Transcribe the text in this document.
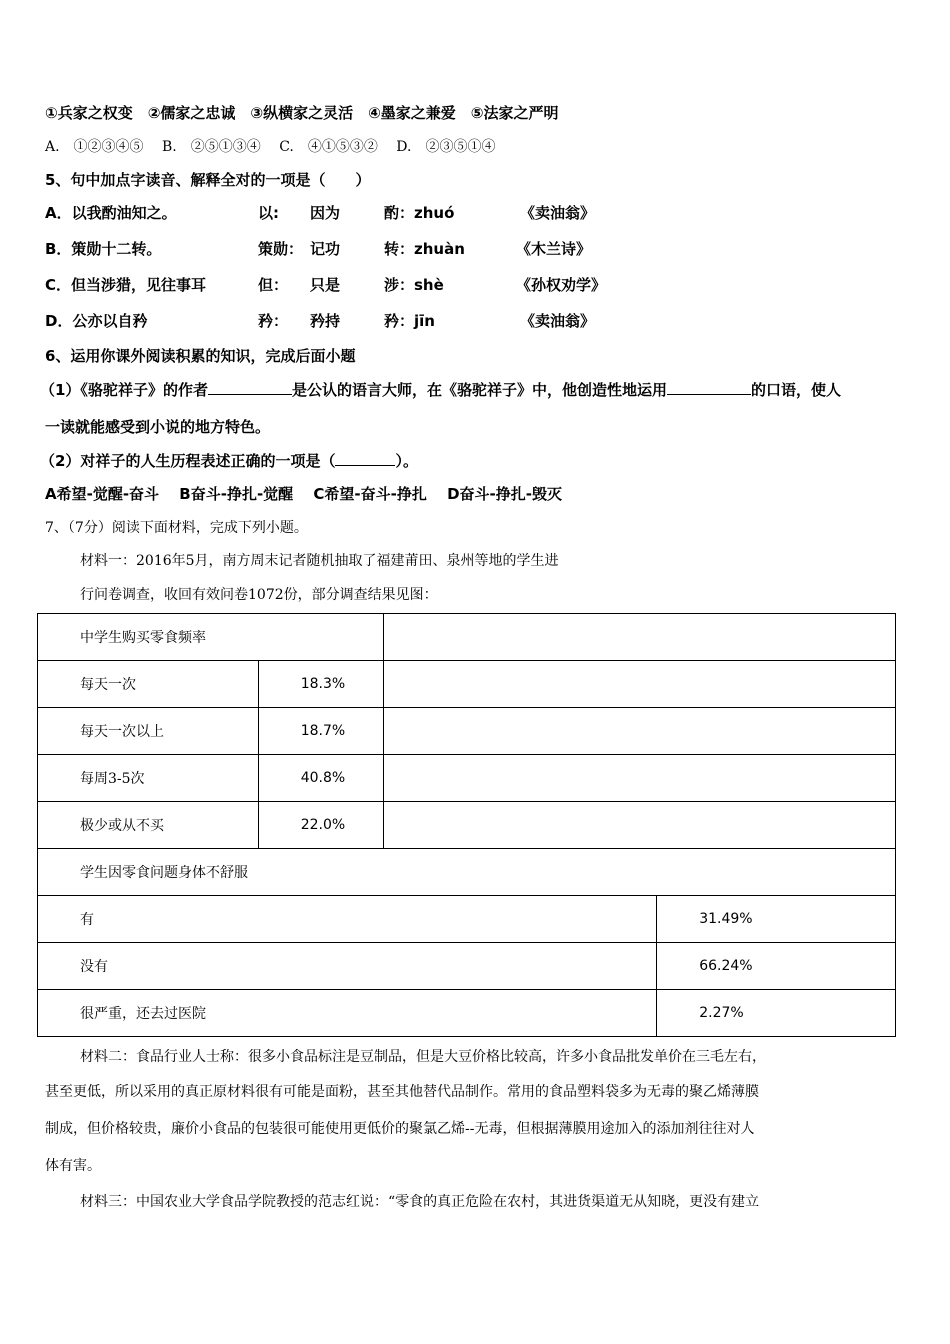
①兵家之权变　②儒家之忠诚　③纵横家之灵活　④墨家之兼爱　⑤法家之严明
A.　①②③④⑤　 B.　②⑤①③④　 C.　④①⑤③②　 D.　②③⑤①④
5、句中加点字读音、解释全对的一项是（　　）
A．以我酌油知之。	以: 因为	酌：zhuó	《卖油翁》
B．策勋十二转。	策勋： 记功	转：zhuàn	《木兰诗》
C．但当涉猎，见往事耳	但： 只是	涉：shè	《孙权劝学》
D．公亦以自矜	矜： 矜持	矜：jīn	《卖油翁》
6、运用你课外阅读积累的知识，完成后面小题
（1）《骆驼祥子》的作者	是公认的语言大师，在《骆驼祥子》中，他创造性地运用	的口语，使人
一读就能感受到小说的地方特色。
（2）对祥子的人生历程表述正确的一项是（	）。
A希望-觉醒-奋斗　 B奋斗-挣扎-觉醒　 C希望-奋斗-挣扎　 D奋斗-挣扎-毁灭
7、（7分）阅读下面材料，完成下列小题。
材料一：2016年5月，南方周末记者随机抽取了福建莆田、泉州等地的学生进
行问卷调查，收回有效问卷1072份，部分调查结果见图：
中学生购买零食频率			
每天一次	18.3%		
每天一次以上	18.7%		
每周3-5次	40.8%		
极少或从不买	22.0%		
学生因零食问题身体不舒服			
有			31.49%
没有			66.24%
很严重，还去过医院			2.27%
材料二：食品行业人士称：很多小食品标注是豆制品，但是大豆价格比较高，许多小食品批发单价在三毛左右，
甚至更低，所以采用的真正原材料很有可能是面粉，甚至其他替代品制作。常用的食品塑料袋多为无毒的聚乙烯薄膜
制成，但价格较贵，廉价小食品的包装很可能使用更低价的聚氯乙烯--无毒，但根据薄膜用途加入的添加剂往往对人
体有害。
材料三：中国农业大学食品学院教授的范志红说：“零食的真正危险在农村，其进货渠道无从知晓，更没有建立
